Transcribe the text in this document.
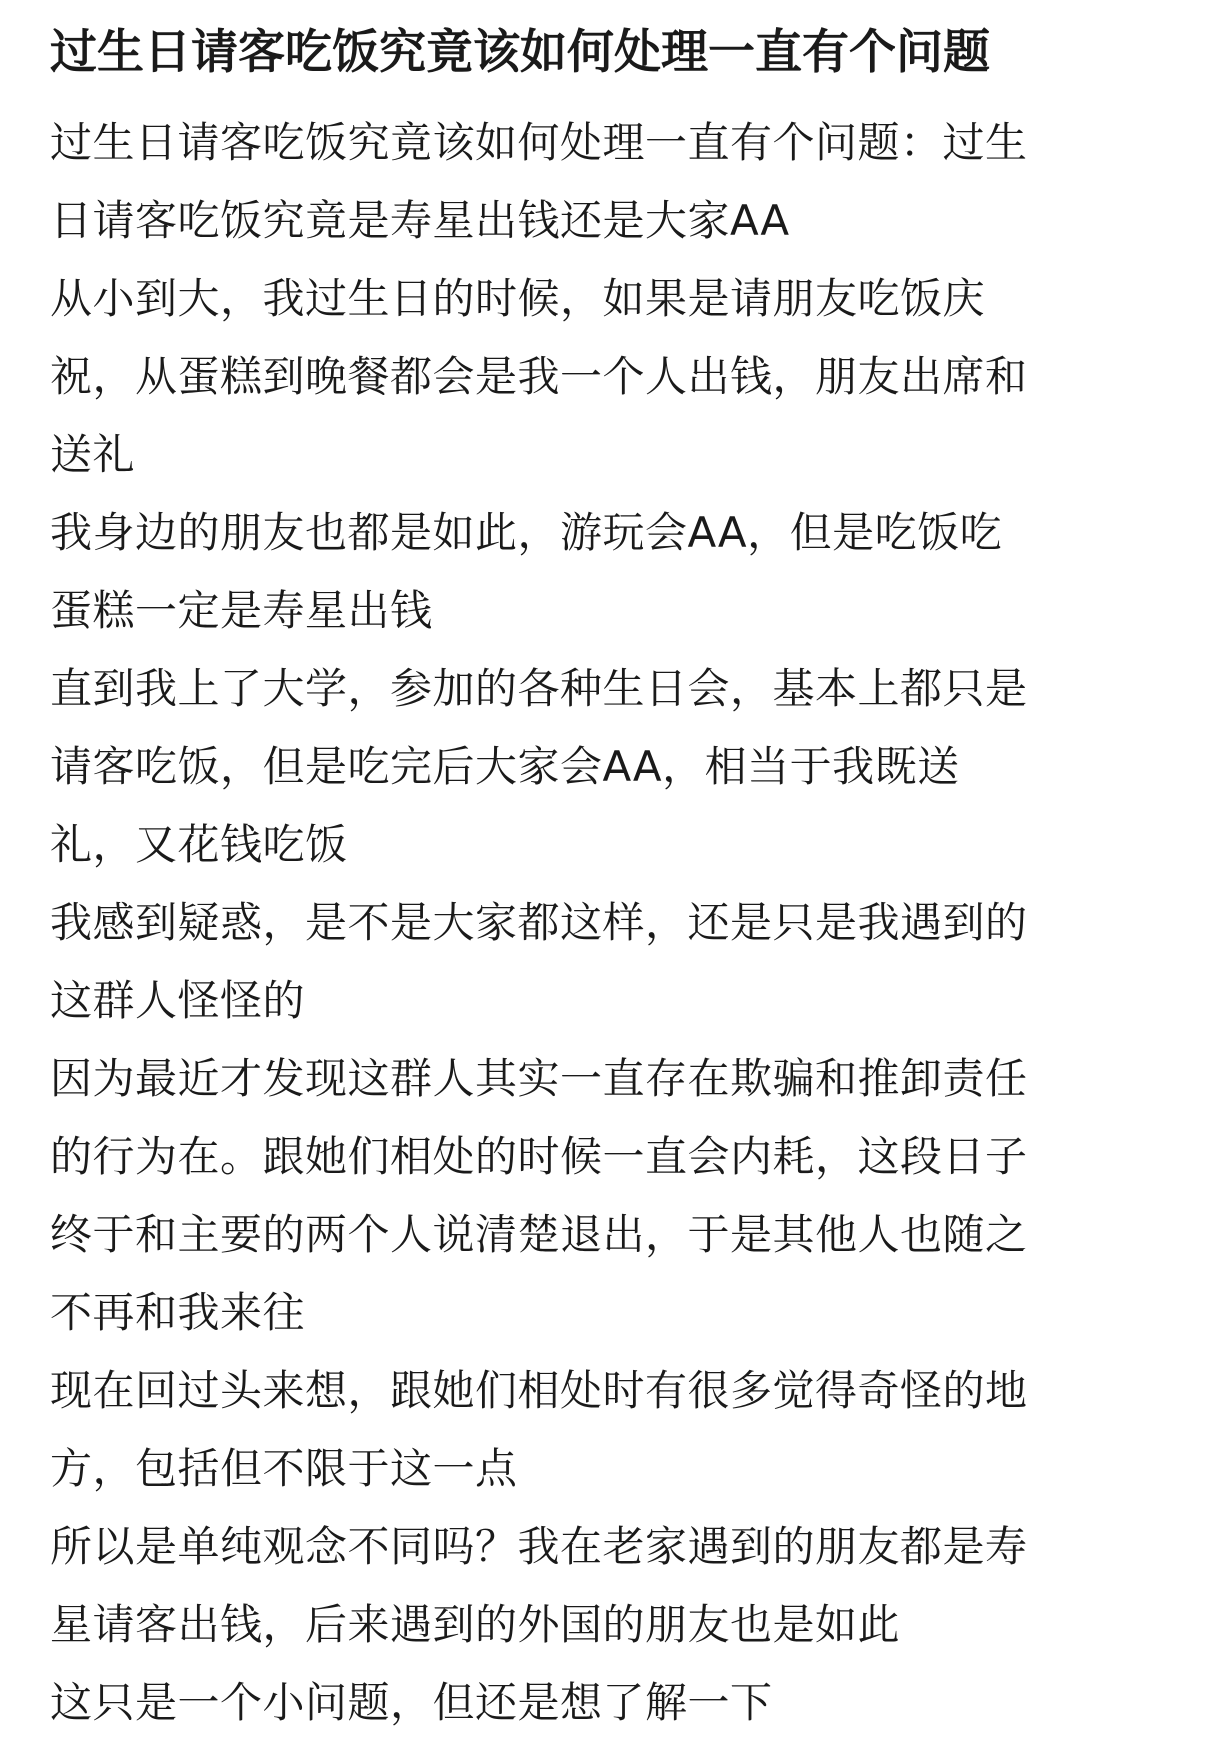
过生日请客吃饭究竟该如何处理一直有个问题

过生日请客吃饭究竟该如何处理一直有个问题：过生
日请客吃饭究竟是寿星出钱还是大家AA

从小到大，我过生日的时候，如果是请朋友吃饭庆
祝，从蛋糕到晚餐都会是我一个人出钱，朋友出席和
送礼

我身边的朋友也都是如此，游玩会AA，但是吃饭吃
蛋糕一定是寿星出钱

直到我上了大学，参加的各种生日会，基本上都只是
请客吃饭，但是吃完后大家会AA，相当于我既送
礼，又花钱吃饭

我感到疑惑，是不是大家都这样，还是只是我遇到的
这群人怪怪的

因为最近才发现这群人其实一直存在欺骗和推卸责任
的行为在。跟她们相处的时候一直会内耗，这段日子
终于和主要的两个人说清楚退出，于是其他人也随之
不再和我来往

现在回过头来想，跟她们相处时有很多觉得奇怪的地
方，包括但不限于这一点

所以是单纯观念不同吗？我在老家遇到的朋友都是寿
星请客出钱，后来遇到的外国的朋友也是如此

这只是一个小问题，但还是想了解一下
